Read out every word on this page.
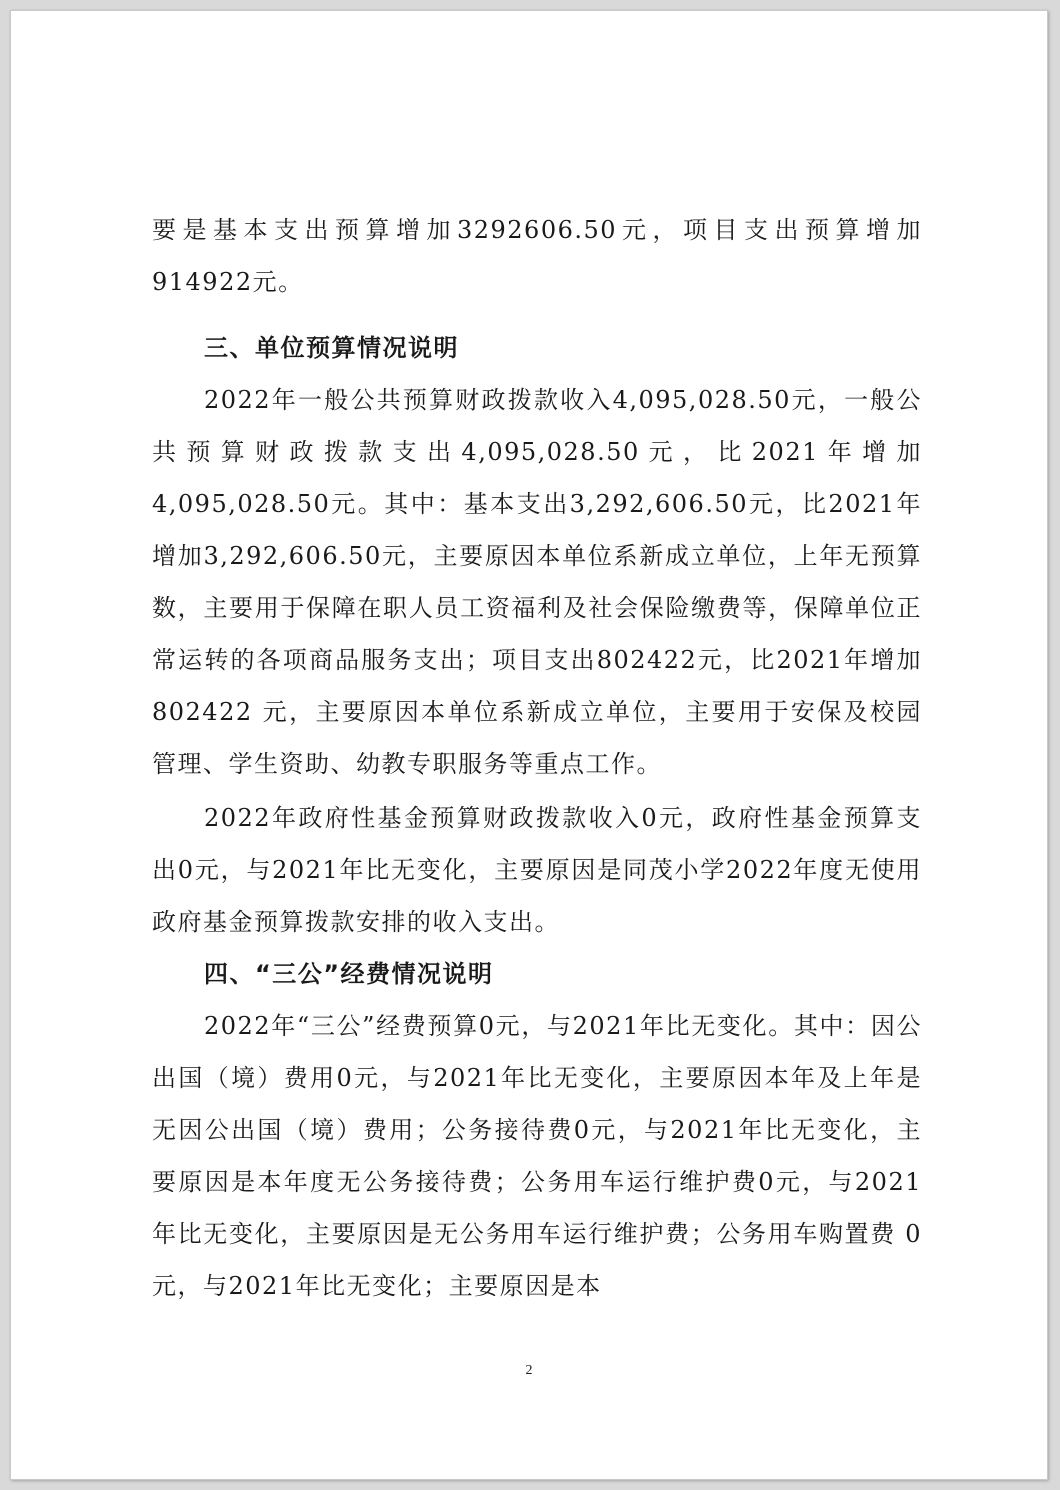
要是基本支出预算增加3292606.50元，项目支出预算增加914922元。

三、单位预算情况说明

2022年一般公共预算财政拨款收入4,095,028.50元，一般公共预算财政拨款支出4,095,028.50元，比2021年增加4,095,028.50元。其中：基本支出3,292,606.50元，比2021年增加3,292,606.50元，主要原因本单位系新成立单位，上年无预算数，主要用于保障在职人员工资福利及社会保险缴费等，保障单位正常运转的各项商品服务支出；项目支出802422元，比2021年增加802422 元，主要原因本单位系新成立单位，主要用于安保及校园管理、学生资助、幼教专职服务等重点工作。

2022年政府性基金预算财政拨款收入0元，政府性基金预算支出0元，与2021年比无变化，主要原因是同茂小学2022年度无使用政府基金预算拨款安排的收入支出。

四、“三公”经费情况说明

2022年“三公”经费预算0元，与2021年比无变化。其中：因公出国（境）费用0元，与2021年比无变化，主要原因本年及上年是无因公出国（境）费用；公务接待费0元，与2021年比无变化，主要原因是本年度无公务接待费；公务用车运行维护费0元，与2021年比无变化，主要原因是无公务用车运行维护费；公务用车购置费 0元，与2021年比无变化；主要原因是本

2
